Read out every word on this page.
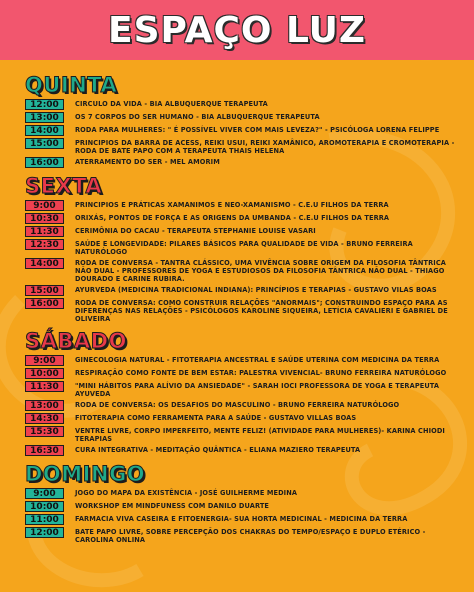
ESPAÇO LUZ
QUINTA
12:00	CIRCULO DA VIDA - BIA ALBUQUERQUE TERAPEUTA
13:00	OS 7 CORPOS DO SER HUMANO - BIA ALBUQUERQUE TERAPEUTA
14:00	RODA PARA MULHERES: " É POSSÍVEL VIVER COM MAIS LEVEZA?" - PSICÓLOGA LORENA FELIPPE
15:00	PRINCIPIOS DA BARRA DE ACESS, REIKI USUI, REIKI XAMÂNICO, AROMOTERAPIA E CROMOTERAPIA - RODA DE BATE PAPO COM A TERAPEUTA THAIS HELENA
16:00	ATERRAMENTO DO SER - MEL AMORIM
SEXTA
9:00	PRINCIPIOS E PRÁTICAS XAMANIMOS E NEO-XAMANISMO - C.E.U FILHOS DA TERRA
10:30	ORIXÁS, PONTOS DE FORÇA E AS ORIGENS DA UMBANDA - C.E.U FILHOS DA TERRA
11:30	CERIMÔNIA DO CACAU - TERAPEUTA STEPHANIE LOUISE VASARI
12:30	SAÚDE E LONGEVIDADE: PILARES BÁSICOS PARA QUALIDADE DE VIDA - BRUNO FERREIRA NATURÓLOGO
14:00	RODA DE CONVERSA - TANTRA CLÁSSICO, UMA VIVÊNCIA SOBRE ORIGEM DA FILOSOFIA TÂNTRICA NÃO DUAL - PROFESSORES DE YOGA E ESTUDIOSOS DA FILOSOFIA TÂNTRICA NÃO DUAL - THIAGO DOURADO E CARINE RUBIRA.
15:00	AYURVEDA (MEDICINA TRADICIONAL INDIANA): PRINCÍPIOS E TERAPIAS - GUSTAVO VILAS BOAS
16:00	RODA DE CONVERSA: COMO CONSTRUIR RELAÇÕES "ANORMAIS"; CONSTRUINDO ESPAÇO PARA AS DIFERENÇAS NAS RELAÇÕES - PSICÓLOGOS KAROLINE SIQUEIRA, LETÍCIA CAVALIERI E GABRIEL DE OLIVEIRA
SÁBADO
9:00	GINECOLOGIA NATURAL - FITOTERAPIA ANCESTRAL E SAÚDE UTERINA COM MEDICINA DA TERRA
10:00	RESPIRAÇÃO COMO FONTE DE BEM ESTAR: PALESTRA VIVENCIAL- BRUNO FERREIRA NATURÓLOGO
11:30	"MINI HÁBITOS PARA ALÍVIO DA ANSIEDADE" - SARAH IOCI PROFESSORA DE YOGA E TERAPEUTA AYUVEDA
13:00	RODA DE CONVERSA: OS DESAFIOS DO MASCULINO - BRUNO FERREIRA NATURÓLOGO
14:30	FITOTERAPIA COMO FERRAMENTA PARA A SAÚDE - GUSTAVO VILLAS BOAS
15:30	VENTRE LIVRE, CORPO IMPERFEITO, MENTE FELIZ! (ATIVIDADE PARA MULHERES)- KARINA CHIODI TERAPIAS
16:30	CURA INTEGRATIVA - MEDITAÇÃO QUÂNTICA - ELIANA MAZIERO TERAPEUTA
DOMINGO
9:00	JOGO DO MAPA DA EXISTÊNCIA - JOSÉ GUILHERME MEDINA
10:00	WORKSHOP EM MINDFUNESS COM DANILO DUARTE
11:00	FARMACIA VIVA CASEIRA E FITOENERGIA- SUA HORTA MEDICINAL - MEDICINA DA TERRA
12:00	BATE PAPO LIVRE, SOBRE PERCEPÇÃO DOS CHAKRAS DO TEMPO/ESPAÇO E DUPLO ETÉRICO - CAROLINA ONLINA
